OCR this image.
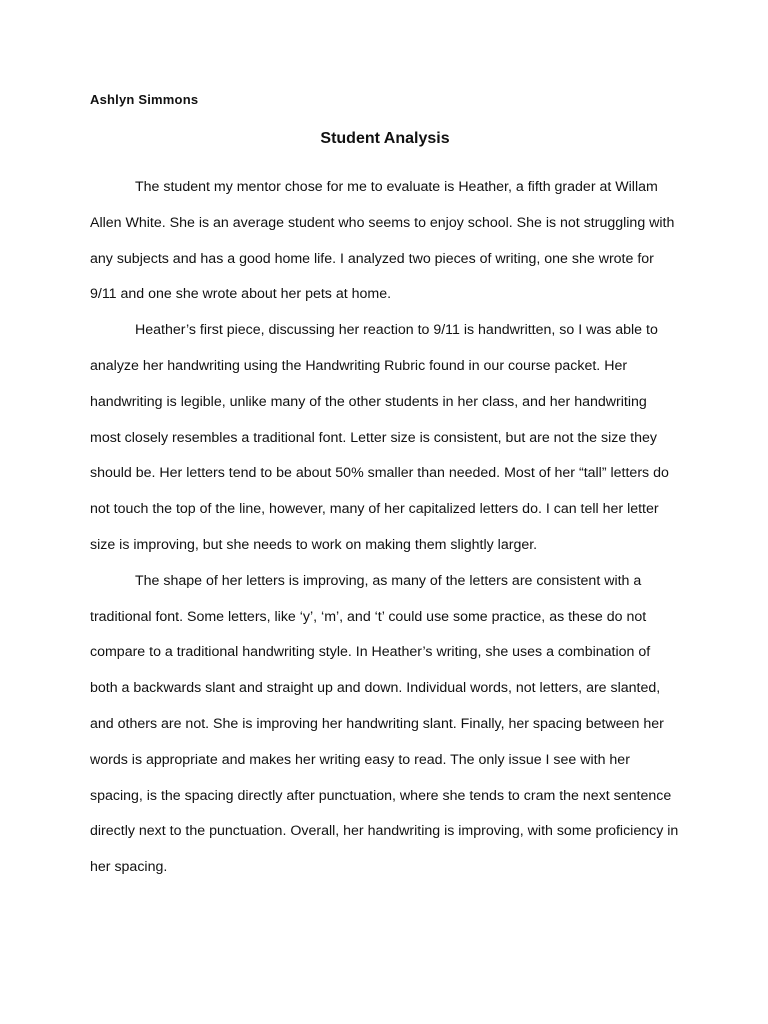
Ashlyn Simmons

Student Analysis

The student my mentor chose for me to evaluate is Heather, a fifth grader at Willam Allen White. She is an average student who seems to enjoy school. She is not struggling with any subjects and has a good home life. I analyzed two pieces of writing, one she wrote for 9/11 and one she wrote about her pets at home.

Heather’s first piece, discussing her reaction to 9/11 is handwritten, so I was able to analyze her handwriting using the Handwriting Rubric found in our course packet. Her handwriting is legible, unlike many of the other students in her class, and her handwriting most closely resembles a traditional font. Letter size is consistent, but are not the size they should be. Her letters tend to be about 50% smaller than needed. Most of her “tall” letters do not touch the top of the line, however, many of her capitalized letters do. I can tell her letter size is improving, but she needs to work on making them slightly larger.

The shape of her letters is improving, as many of the letters are consistent with a traditional font. Some letters, like ‘y’, ‘m’, and ‘t’ could use some practice, as these do not compare to a traditional handwriting style. In Heather’s writing, she uses a combination of both a backwards slant and straight up and down. Individual words, not letters, are slanted, and others are not. She is improving her handwriting slant. Finally, her spacing between her words is appropriate and makes her writing easy to read. The only issue I see with her spacing, is the spacing directly after punctuation, where she tends to cram the next sentence directly next to the punctuation. Overall, her handwriting is improving, with some proficiency in her spacing.
